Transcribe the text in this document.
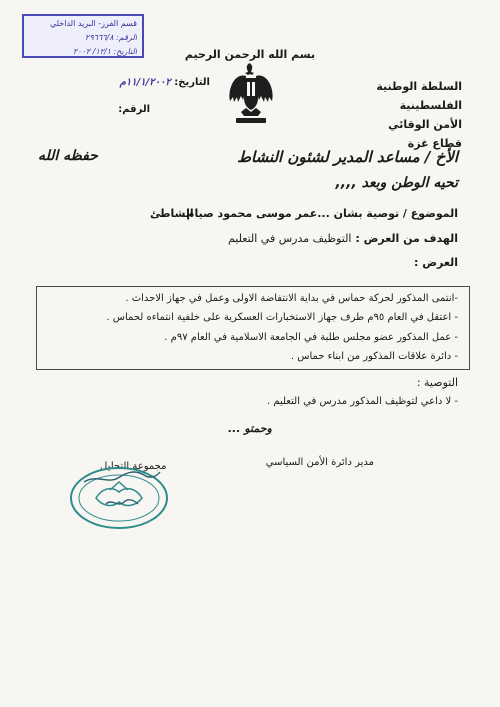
قسم الفرز- البريد الداخلي
الرقم: ٢٩٦٦٦/٨
التاريخ: ١٢/١/ ٢٠٠٢	بسم الله الرحمن الرحيم
السلطة الوطنية الفلسطينية
الأمن الوقائي
قطاع غزة
التاريخ: ١١/١/٢٠٠٢م
الرقم:
الأخ / مساعد المدير لشئون النشاط
حفظه الله
تحيه الوطن وبعد ,,,,
الموضوع / توصية بشان ...عمر موسى محمود صيام
الشاطئ
الهدف من العرض : التوظيف مدرس في التعليم
العرض :
-انتمى المذكور لحركة حماس في بداية الانتفاضة الاولى وعمل في جهاز الاحداث .
- اعتقل في العام ٩٥م طرف جهاز الاستخبارات العسكرية على خلفية انتماءه لحماس .
- عمل المذكور عضو مجلس طلبة في الجامعة الاسلامية في العام ٩٧م .
- دائرة علاقات المذكور من ابناء حماس .
التوصية :
- لا داعي لتوظيف المذكور مدرس في التعليم .
وحمتو ...
مجموعة التحليل	مدير دائرة الأمن السياسي
